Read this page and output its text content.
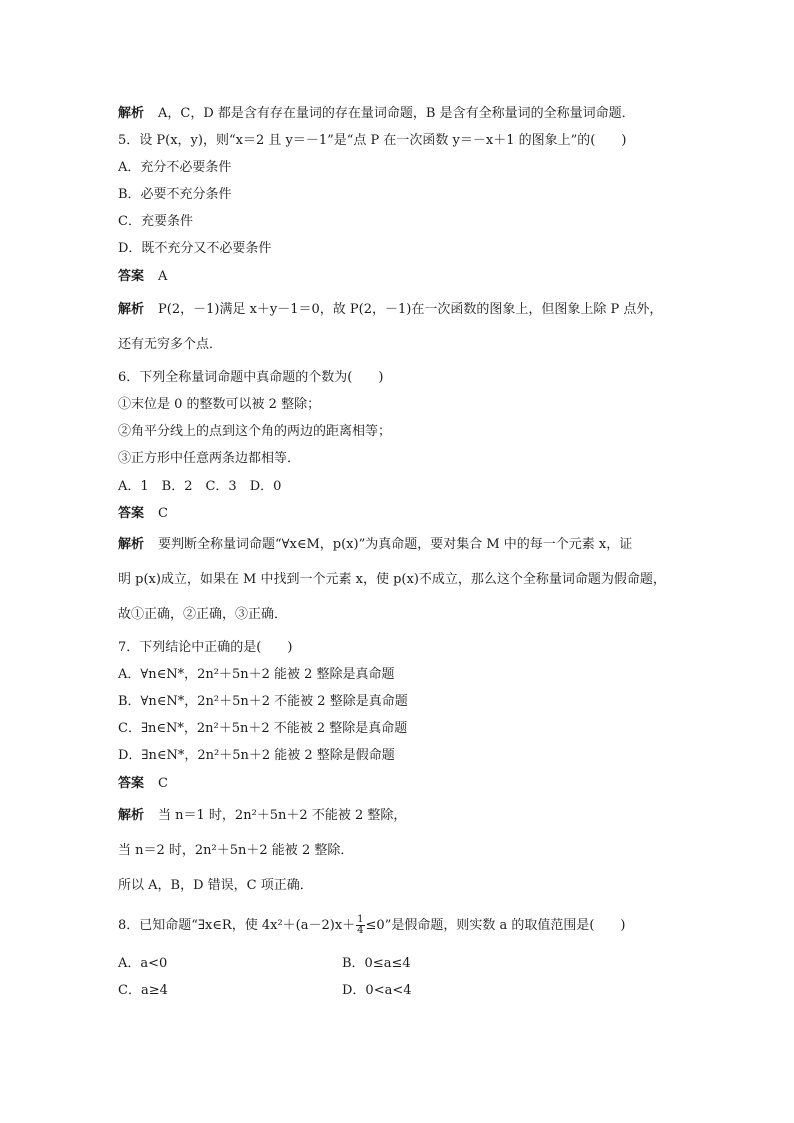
解析 A，C，D 都是含有存在量词的存在量词命题，B 是含有全称量词的全称量词命题．
5．设 P(x，y)，则“x＝2 且 y＝－1”是“点 P 在一次函数 y＝－x＋1 的图象上”的(　　)
A．充分不必要条件
B．必要不充分条件
C．充要条件
D．既不充分又不必要条件
答案 A
解析 P(2，－1)满足 x＋y－1＝0，故 P(2，－1)在一次函数的图象上，但图象上除 P 点外，
还有无穷多个点．
6．下列全称量词命题中真命题的个数为(　　)
①末位是 0 的整数可以被 2 整除；
②角平分线上的点到这个角的两边的距离相等；
③正方形中任意两条边都相等．
A．1　B．2　C．3　D．0
答案 C
解析 要判断全称量词命题“∀x∈M，p(x)”为真命题，要对集合 M 中的每一个元素 x，证
明 p(x)成立，如果在 M 中找到一个元素 x，使 p(x)不成立，那么这个全称量词命题为假命题，
故①正确，②正确，③正确．
7．下列结论中正确的是(　　)
A．∀n∈N*，2n²＋5n＋2 能被 2 整除是真命题
B．∀n∈N*，2n²＋5n＋2 不能被 2 整除是真命题
C．∃n∈N*，2n²＋5n＋2 不能被 2 整除是真命题
D．∃n∈N*，2n²＋5n＋2 能被 2 整除是假命题
答案 C
解析 当 n＝1 时，2n²＋5n＋2 不能被 2 整除，
当 n＝2 时，2n²＋5n＋2 能被 2 整除．
所以 A，B，D 错误，C 项正确．
8．已知命题“∃x∈R，使 $4x^2+(a-2)x+ \frac{1}{4} \le 0$”是假命题，则实数 a 的取值范围是(　　)
A．a<0	B．0≤a≤4
C．a≥4	D．0<a<4
